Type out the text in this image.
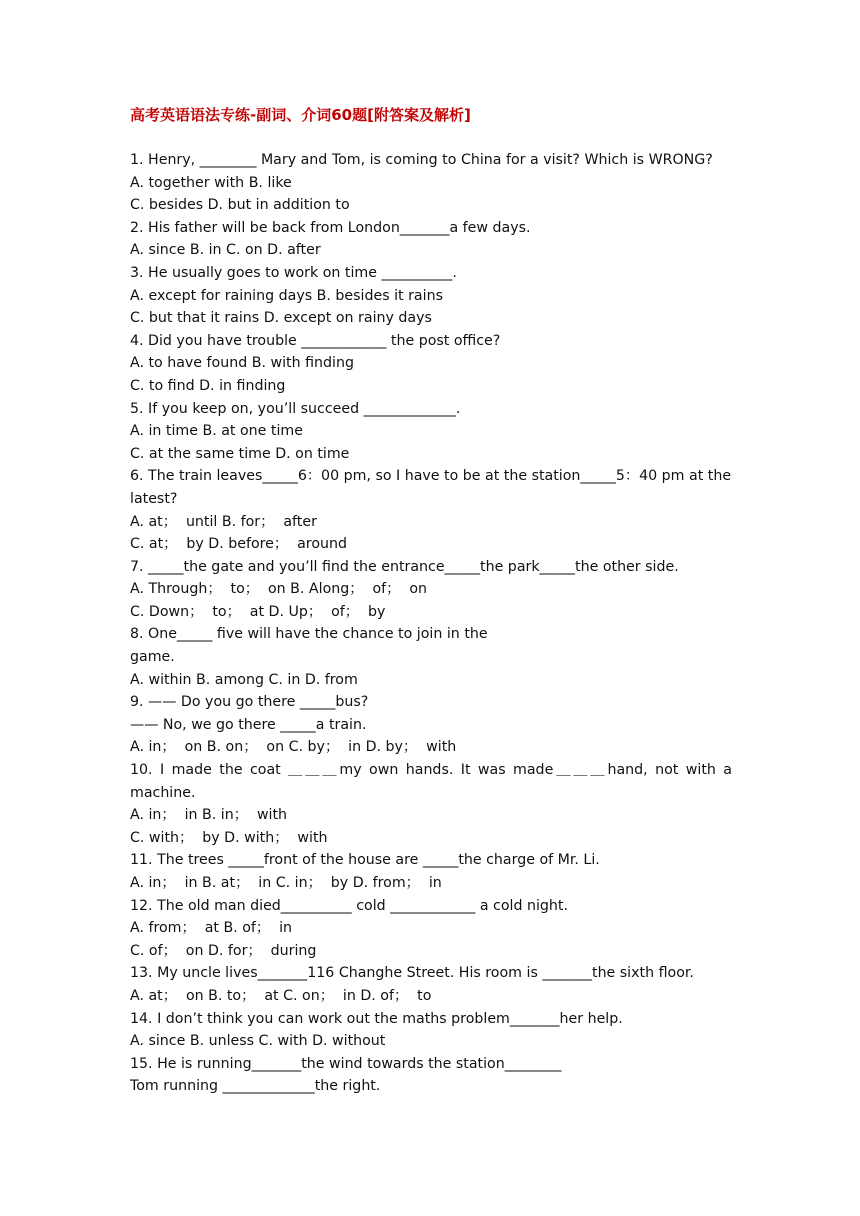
高考英语语法专练-副词、介词60题[附答案及解析]
1. Henry, ________ Mary and Tom, is coming to China for a visit? Which is WRONG?
A. together with B. like
C. besides D. but in addition to
2. His father will be back from London_______a few days.
A. since B. in C. on D. after
3. He usually goes to work on time __________.
A. except for raining days B. besides it rains
C. but that it rains D. except on rainy days
4. Did you have trouble ____________ the post office?
A. to have found B. with finding
C. to find D. in finding
5. If you keep on, you’ll succeed _____________.
A. in time B. at one time
C. at the same time D. on time
6. The train leaves_____6：00 pm, so I have to be at the station_____5：40 pm at the latest?
A. at；  until B. for；  after
C. at；  by D. before；  around
7. _____the gate and you’ll find the entrance_____the park_____the other side.
A. Through；  to；  on B. Along；  of；  on
C. Down；  to；  at D. Up；  of；  by
8. One_____ five will have the chance to join in the
game.
A. within B. among C. in D. from
9. —— Do you go there _____bus?
—— No, we go there _____a train.
A. in；  on B. on；  on C. by；  in D. by；  with
10. I made the coat ＿＿＿my own hands. It was made＿＿＿hand, not with a machine.
A. in；  in B. in；  with
C. with；  by D. with；  with
11. The trees _____front of the house are _____the charge of Mr. Li.
A. in；  in B. at；  in C. in；  by D. from；  in
12. The old man died__________ cold ____________ a cold night.
A. from；  at B. of；  in
C. of；  on D. for；  during
13. My uncle lives_______116 Changhe Street. His room is _______the sixth floor.
A. at；  on B. to；  at C. on；  in D. of；  to
14. I don’t think you can work out the maths problem_______her help.
A. since B. unless C. with D. without
15. He is running_______the wind towards the station________
Tom running _____________the right.
